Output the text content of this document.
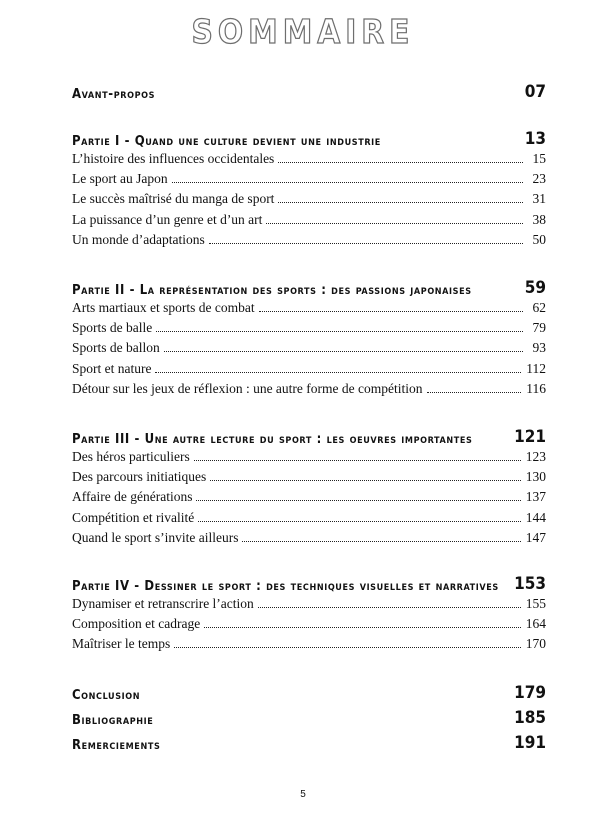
SOMMAIRE
Avant-propos	07
Partie I - Quand une culture devient une industrie	13
L’histoire des influences occidentales	15
Le sport au Japon	23
Le succès maîtrisé du manga de sport	31
La puissance d’un genre et d’un art	38
Un monde d’adaptations	50
Partie II - La représentation des sports : des passions japonaises	59
Arts martiaux et sports de combat	62
Sports de balle	79
Sports de ballon	93
Sport et nature	112
Détour sur les jeux de réflexion : une autre forme de compétition	116
Partie III - Une autre lecture du sport : les oeuvres importantes	121
Des héros particuliers	123
Des parcours initiatiques	130
Affaire de générations	137
Compétition et rivalité	144
Quand le sport s’invite ailleurs	147
Partie IV - Dessiner le sport : des techniques visuelles et narratives 153
Dynamiser et retranscrire l’action	155
Composition et cadrage	164
Maîtriser le temps	170
Conclusion	179
Bibliographie	185
Remerciements	191
5
